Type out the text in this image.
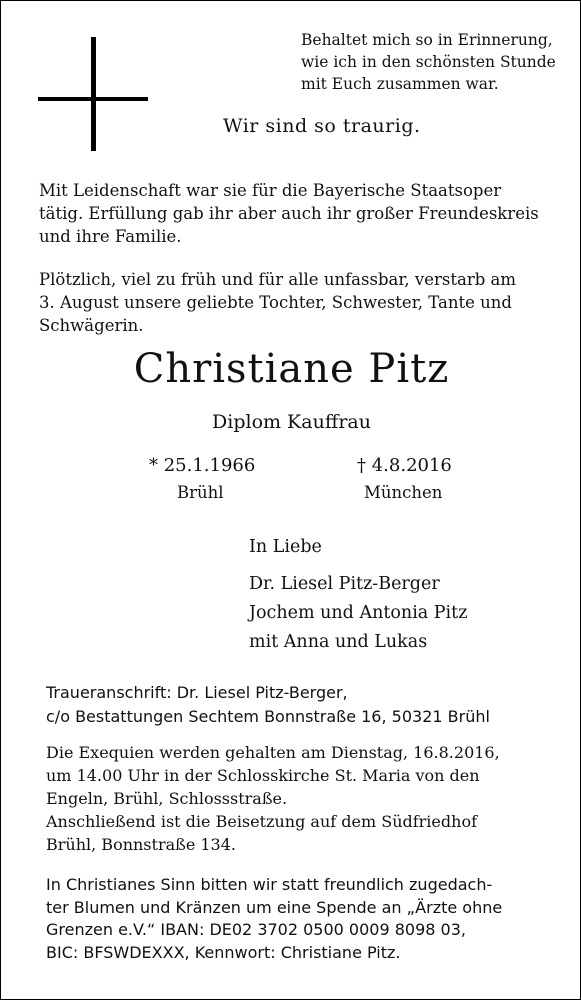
Behaltet mich so in Erinnerung,
wie ich in den schönsten Stunde
mit Euch zusammen war.
Wir sind so traurig.
Mit Leidenschaft war sie für die Bayerische Staatsoper
tätig. Erfüllung gab ihr aber auch ihr großer Freundeskreis
und ihre Familie.
Plötzlich, viel zu früh und für alle unfassbar, verstarb am
3. August unsere geliebte Tochter, Schwester, Tante und
Schwägerin.
Christiane Pitz
Diplom Kauffrau
* 25.1.1966
Brühl
† 4.8.2016
München
In Liebe
Dr. Liesel Pitz-Berger
Jochem und Antonia Pitz
mit Anna und Lukas
Traueranschrift: Dr. Liesel Pitz-Berger,
c/o Bestattungen Sechtem Bonnstraße 16, 50321 Brühl
Die Exequien werden gehalten am Dienstag, 16.8.2016,
um 14.00 Uhr in der Schlosskirche St. Maria von den
Engeln, Brühl, Schlossstraße.
Anschließend ist die Beisetzung auf dem Südfriedhof
Brühl, Bonnstraße 134.
In Christianes Sinn bitten wir statt freundlich zugedach-
ter Blumen und Kränzen um eine Spende an „Ärzte ohne
Grenzen e.V.“ IBAN: DE02 3702 0500 0009 8098 03,
BIC: BFSWDEXXX, Kennwort: Christiane Pitz.
